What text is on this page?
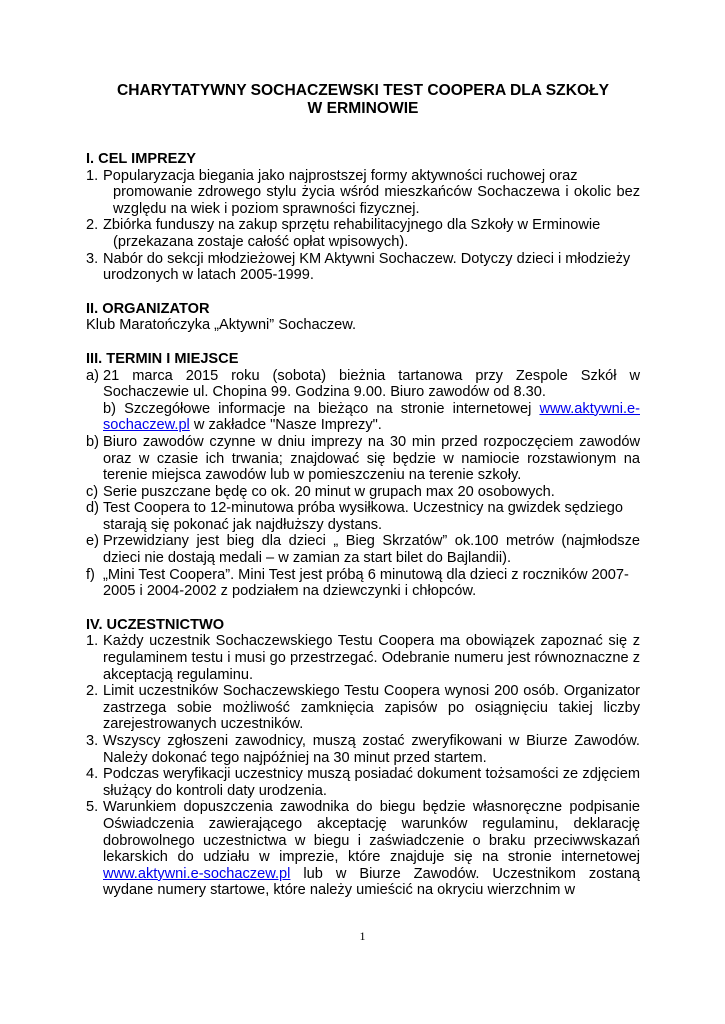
CHARYTATYWNY SOCHACZEWSKI TEST COOPERA DLA SZKOŁY
W ERMINOWIE

I. CEL IMPREZY

1. Popularyzacja biegania jako najprostszej formy aktywności ruchowej oraz
promowanie zdrowego stylu życia wśród mieszkańców Sochaczewa i okolic bez względu na wiek i poziom sprawności fizycznej.
2. Zbiórka funduszy na zakup sprzętu rehabilitacyjnego dla Szkoły w Erminowie
(przekazana zostaje całość opłat wpisowych).
3. Nabór do sekcji młodzieżowej KM Aktywni Sochaczew. Dotyczy dzieci i młodzieży
urodzonych w latach 2005-1999.

II. ORGANIZATOR

Klub Maratończyka „Aktywni” Sochaczew.

III. TERMIN I MIEJSCE

a) 21 marca 2015 roku (sobota) bieżnia tartanowa przy Zespole Szkół w Sochaczewie ul. Chopina 99. Godzina 9.00. Biuro zawodów od 8.30.
b) Szczegółowe informacje na bieżąco na stronie internetowej www.aktywni.e-sochaczew.pl w zakładce "Nasze Imprezy".
b) Biuro zawodów czynne w dniu imprezy na 30 min przed rozpoczęciem zawodów oraz w czasie ich trwania; znajdować się będzie w namiocie rozstawionym na terenie miejsca zawodów lub w pomieszczeniu na terenie szkoły.
c) Serie puszczane będę co ok. 20 minut w grupach max 20 osobowych.
d) Test Coopera to 12-minutowa próba wysiłkowa. Uczestnicy na gwizdek sędziego starają się pokonać jak najdłuższy dystans.
e) Przewidziany jest bieg dla dzieci „ Bieg Skrzatów” ok.100 metrów (najmłodsze dzieci nie dostają medali – w zamian za start bilet do Bajlandii).
f) „Mini Test Coopera”. Mini Test jest próbą 6 minutową dla dzieci z roczników 2007-2005 i 2004-2002 z podziałem na dziewczynki i chłopców.

IV. UCZESTNICTWO

1. Każdy uczestnik Sochaczewskiego Testu Coopera ma obowiązek zapoznać się z regulaminem testu i musi go przestrzegać. Odebranie numeru jest równoznaczne z akceptacją regulaminu.
2. Limit uczestników Sochaczewskiego Testu Coopera wynosi 200 osób. Organizator zastrzega sobie możliwość zamknięcia zapisów po osiągnięciu takiej liczby zarejestrowanych uczestników.
3. Wszyscy zgłoszeni zawodnicy, muszą zostać zweryfikowani w Biurze Zawodów. Należy dokonać tego najpóźniej na 30 minut przed startem.
4. Podczas weryfikacji uczestnicy muszą posiadać dokument tożsamości ze zdjęciem służący do kontroli daty urodzenia.
5. Warunkiem dopuszczenia zawodnika do biegu będzie własnoręczne podpisanie Oświadczenia zawierającego akceptację warunków regulaminu, deklarację dobrowolnego uczestnictwa w biegu i zaświadczenie o braku przeciwwskazań lekarskich do udziału w imprezie, które znajduje się na stronie internetowej www.aktywni.e-sochaczew.pl lub w Biurze Zawodów. Uczestnikom zostaną wydane numery startowe, które należy umieścić na okryciu wierzchnim w
1
